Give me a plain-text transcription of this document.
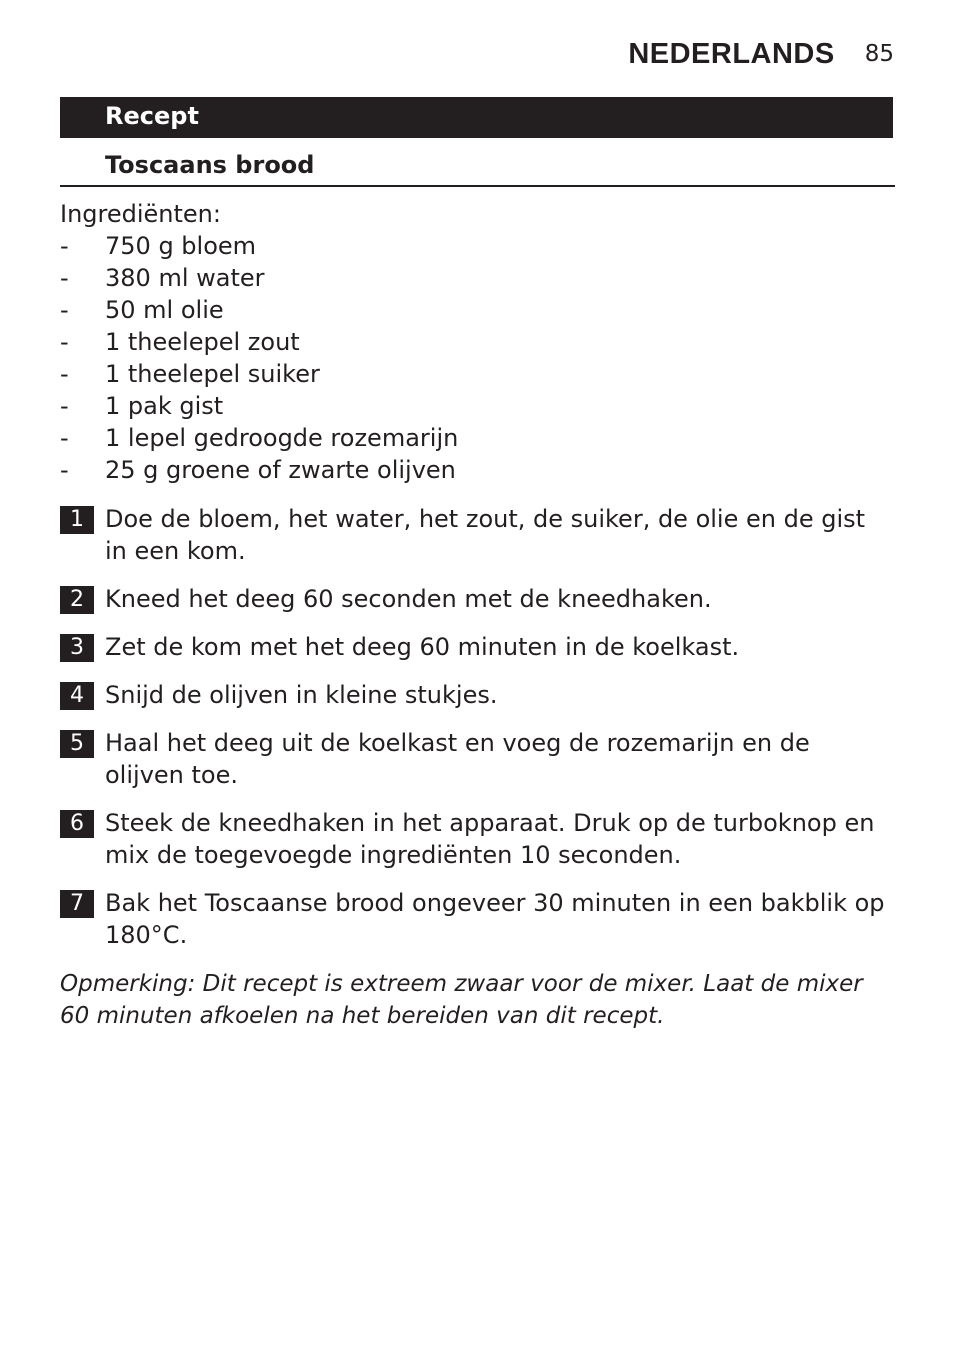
NEDERLANDS 85
Recept
Toscaans brood
Ingrediënten:
-	750 g bloem
-	380 ml water
-	50 ml olie
-	1 theelepel zout
-	1 theelepel suiker
-	1 pak gist
-	1 lepel gedroogde rozemarijn
-	25 g groene of zwarte olijven
1 Doe de bloem, het water, het zout, de suiker, de olie en de gist in een kom.
2 Kneed het deeg 60 seconden met de kneedhaken.
3 Zet de kom met het deeg 60 minuten in de koelkast.
4 Snijd de olijven in kleine stukjes.
5 Haal het deeg uit de koelkast en voeg de rozemarijn en de olijven toe.
6 Steek de kneedhaken in het apparaat. Druk op de turboknop en mix de toegevoegde ingrediënten 10 seconden.
7 Bak het Toscaanse brood ongeveer 30 minuten in een bakblik op 180°C.
Opmerking: Dit recept is extreem zwaar voor de mixer. Laat de mixer 60 minuten afkoelen na het bereiden van dit recept.
